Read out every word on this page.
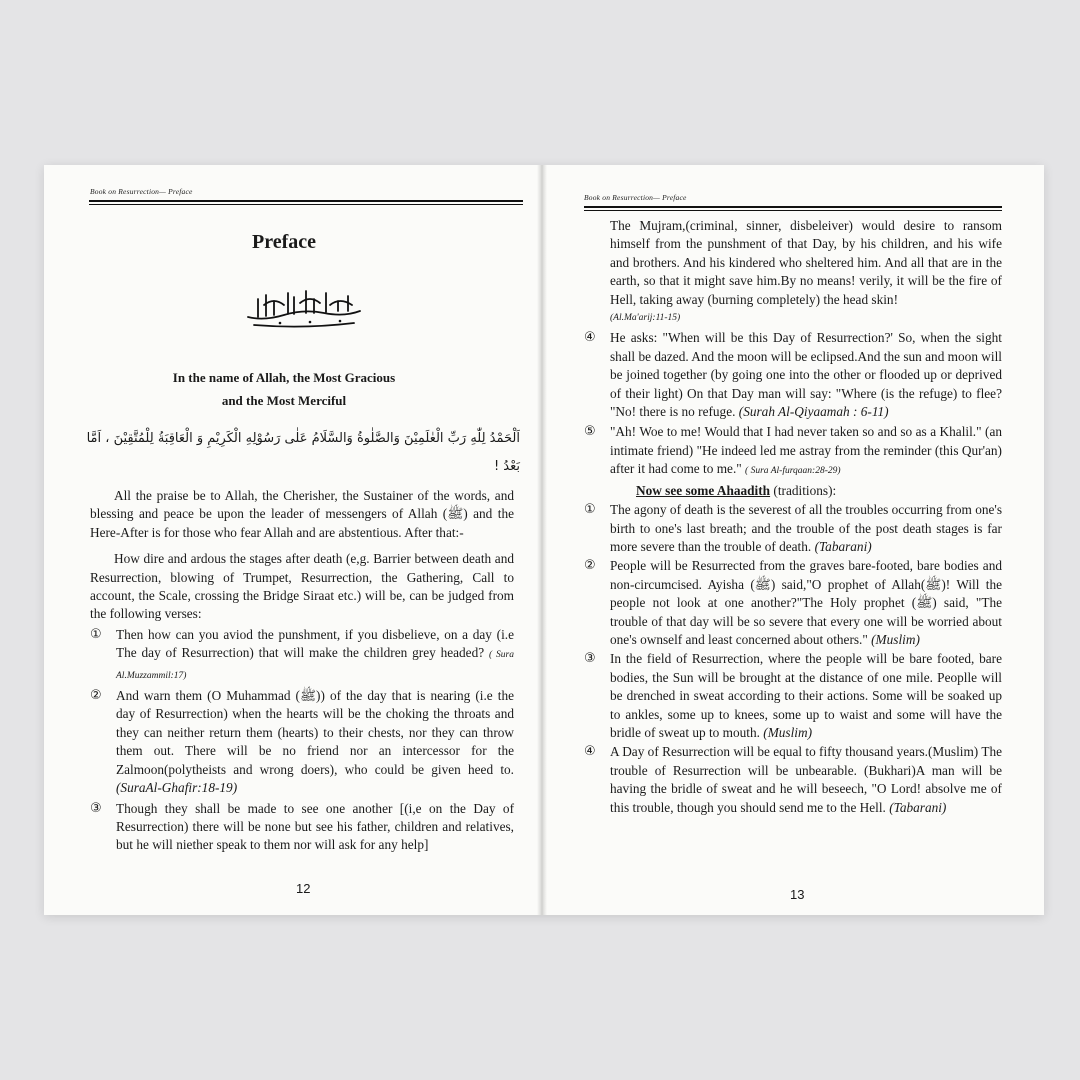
Book on Resurrection— Preface
Preface
In the name of Allah, the Most Gracious
and the Most Merciful
اَلْحَمْدُ لِلّٰهِ رَبِّ الْعٰلَمِيْنَ وَالصَّلٰوةُ وَالسَّلَامُ عَلٰى رَسُوْلِهِ الْكَرِيْمِ وَ الْعَاقِبَةُ لِلْمُتَّقِيْنَ ، اَمَّا
بَعْدُ !

All the praise be to Allah, the Cherisher, the Sustainer of the words, and blessing and peace be upon the leader of messengers of Allah (ﷺ) and the Here-After is for those who fear Allah and are abstentious. After that:-

How dire and ardous the stages after death (e,g. Barrier between death and Resurrection, blowing of Trumpet, Resurrection, the Gathering, Call to account, the Scale, crossing the Bridge Siraat etc.) will be, can be judged from the following verses:

① Then how can you aviod the punshment, if you disbelieve, on a day (i.e The day of Resurrection) that will make the children grey headed? ( Sura Al.Muzzammil:17)
② And warn them (O Muhammad (ﷺ)) of the day that is nearing (i.e the day of Resurrection) when the hearts will be the choking the throats and they can neither return them (hearts) to their chests, nor they can throw them out. There will be no friend nor an intercessor for the Zalmoon(polytheists and wrong doers), who could be given heed to. (SuraAl-Ghafir:18-19)
③ Though they shall be made to see one another [(i,e on the Day of Resurrection) there will be none but see his father, children and relatives, but he will niether speak to them nor will ask for any help]
12
Book on Resurrection— Preface
The Mujram,(criminal, sinner, disbeleiver) would desire to ransom himself from the punshment of that Day, by his children, and his wife and brothers. And his kindered who sheltered him. And all that are in the earth, so that it might save him.By no means! verily, it will be the fire of Hell, taking away (burning completely) the head skin!
(Al.Ma'arij:11-15)
④ He asks: "When will be this Day of Resurrection?' So, when the sight shall be dazed. And the moon will be eclipsed.And the sun and moon will be joined together (by going one into the other or flooded up or deprived of their light) On that Day man will say: "Where (is the refuge) to flee? "No! there is no refuge. (Surah Al-Qiyaamah : 6-11)
⑤ "Ah! Woe to me! Would that I had never taken so and so as a Khalil." (an intimate friend) "He indeed led me astray from the reminder (this Qur'an) after it had come to me." ( Sura Al-furqaan:28-29)
Now see some Ahaadith (traditions):
① The agony of death is the severest of all the troubles occurring from one's birth to one's last breath; and the trouble of the post death stages is far more severe than the trouble of death. (Tabarani)
② People will be Resurrected from the graves bare-footed, bare bodies and non-circumcised. Ayisha (ﷺ) said,"O prophet of Allah(ﷺ)! Will the people not look at one another?"The Holy prophet (ﷺ) said, "The trouble of that day will be so severe that every one will be worried about one's ownself and least concerned about others." (Muslim)
③ In the field of Resurrection, where the people will be bare footed, bare bodies, the Sun will be brought at the distance of one mile. Peoplle will be drenched in sweat according to their actions. Some will be soaked up to ankles, some up to knees, some up to waist and some will have the bridle of sweat up to mouth. (Muslim)
④ A Day of Resurrection will be equal to fifty thousand years.(Muslim) The trouble of Resurrection will be unbearable. (Bukhari)A man will be having the bridle of sweat and he will beseech, "O Lord! absolve me of this trouble, though you should send me to the Hell. (Tabarani)
13
